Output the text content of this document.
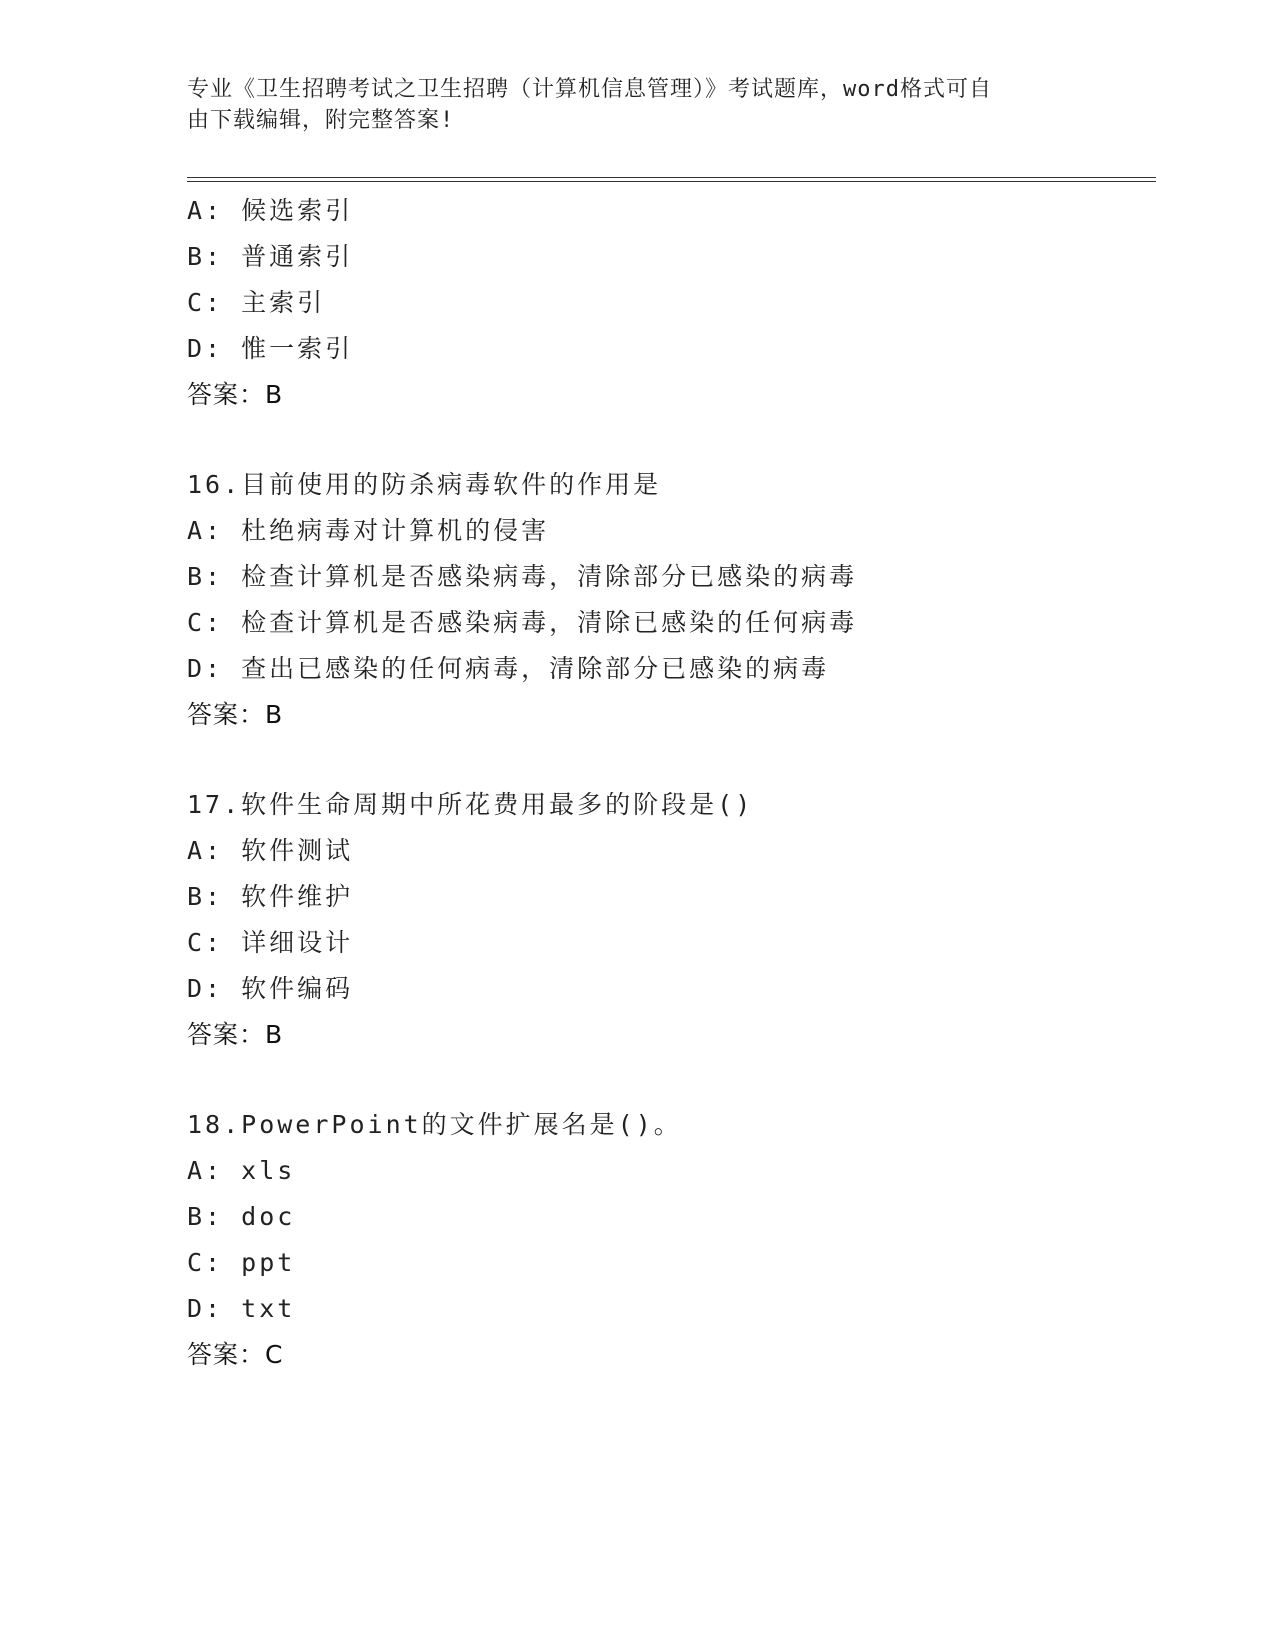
专业《卫生招聘考试之卫生招聘（计算机信息管理）》考试题库，word格式可自
由下载编辑，附完整答案!
A: 候选索引
B: 普通索引
C: 主索引
D: 惟一索引
答案：B
16.目前使用的防杀病毒软件的作用是
A: 杜绝病毒对计算机的侵害
B: 检查计算机是否感染病毒，清除部分已感染的病毒
C: 检查计算机是否感染病毒，清除已感染的任何病毒
D: 查出已感染的任何病毒，清除部分已感染的病毒
答案：B
17.软件生命周期中所花费用最多的阶段是()
A: 软件测试
B: 软件维护
C: 详细设计
D: 软件编码
答案：B
18.PowerPoint的文件扩展名是()。
A: xls
B: doc
C: ppt
D: txt
答案：C
